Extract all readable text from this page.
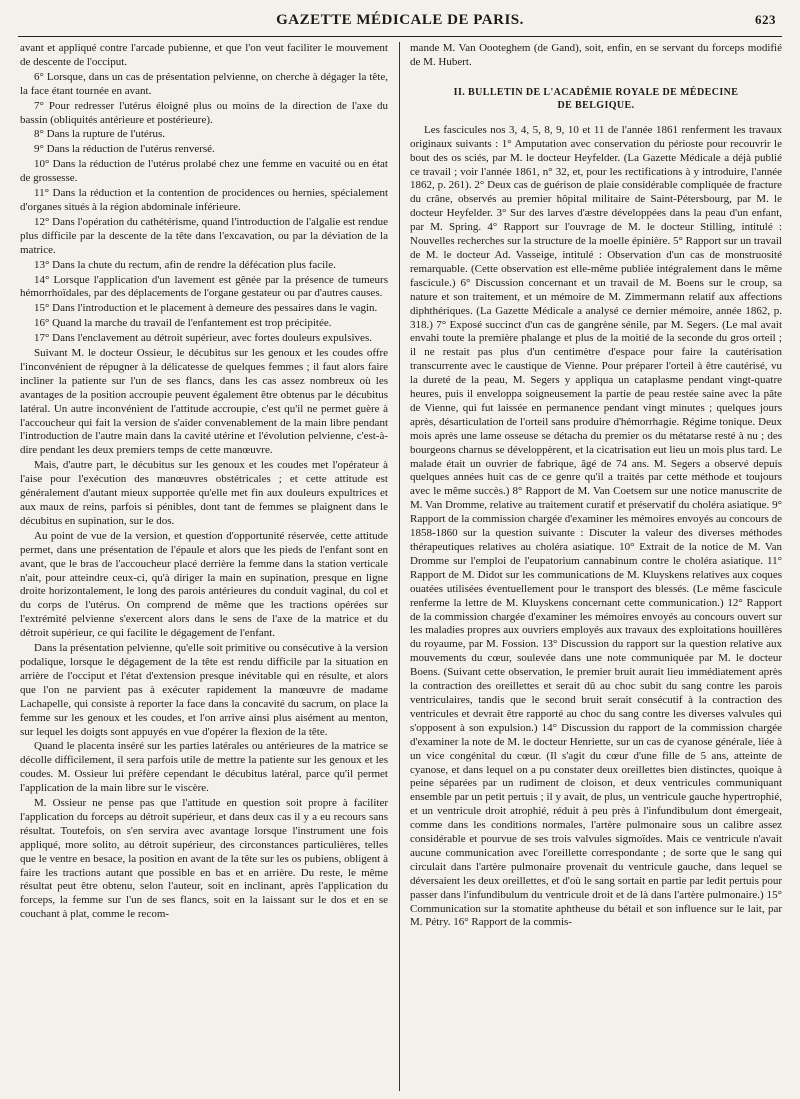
GAZETTE MÉDICALE DE PARIS.	623

avant et appliqué contre l'arcade pubienne, et que l'on veut faciliter le mouvement de descente de l'occiput.

6° Lorsque, dans un cas de présentation pelvienne, on cherche à dégager la tête, la face étant tournée en avant.

7° Pour redresser l'utérus éloigné plus ou moins de la direction de l'axe du bassin (obliquités antérieure et postérieure).

8° Dans la rupture de l'utérus.

9° Dans la réduction de l'utérus renversé.

10° Dans la réduction de l'utérus prolabé chez une femme en vacuité ou en état de grossesse.

11° Dans la réduction et la contention de procidences ou hernies, spécialement d'organes situés à la région abdominale inférieure.

12° Dans l'opération du cathétérisme, quand l'introduction de l'algalie est rendue plus difficile par la descente de la tête dans l'excavation, ou par la déviation de la matrice.

13° Dans la chute du rectum, afin de rendre la défécation plus facile.

14° Lorsque l'application d'un lavement est gênée par la présence de tumeurs hémorrhoïdales, par des déplacements de l'organe gestateur ou par d'autres causes.

15° Dans l'introduction et le placement à demeure des pessaires dans le vagin.

16° Quand la marche du travail de l'enfantement est trop précipitée.

17° Dans l'enclavement au détroit supérieur, avec fortes douleurs expulsives.

Suivant M. le docteur Ossieur, le décubitus sur les genoux et les coudes offre l'inconvénient de répugner à la délicatesse de quelques femmes ; il faut alors faire incliner la patiente sur l'un de ses flancs, dans les cas assez nombreux où les avantages de la position accroupie peuvent également être obtenus par le décubitus latéral. Un autre inconvénient de l'attitude accroupie, c'est qu'il ne permet guère à l'accoucheur qui fait la version de s'aider convenablement de la main libre pendant l'introduction de l'autre main dans la cavité utérine et l'évolution pelvienne, c'est-à-dire pendant les deux premiers temps de cette manœuvre.

Mais, d'autre part, le décubitus sur les genoux et les coudes met l'opérateur à l'aise pour l'exécution des manœuvres obstétricales ; et cette attitude est généralement d'autant mieux supportée qu'elle met fin aux douleurs expultrices et aux maux de reins, parfois si pénibles, dont tant de femmes se plaignent dans le décubitus en supination, sur le dos.

Au point de vue de la version, et question d'opportunité réservée, cette attitude permet, dans une présentation de l'épaule et alors que les pieds de l'enfant sont en avant, que le bras de l'accoucheur placé derrière la femme dans la station verticale n'ait, pour atteindre ceux-ci, qu'à diriger la main en supination, presque en ligne droite horizontalement, le long des parois antérieures du conduit vaginal, du col et du corps de l'utérus. On comprend de même que les tractions opérées sur l'extrémité pelvienne s'exercent alors dans le sens de l'axe de la matrice et du détroit supérieur, ce qui facilite le dégagement de l'enfant.

Dans la présentation pelvienne, qu'elle soit primitive ou consécutive à la version podalique, lorsque le dégagement de la tête est rendu difficile par la situation en arrière de l'occiput et l'état d'extension presque inévitable qui en résulte, et alors que l'on ne parvient pas à exécuter rapidement la manœuvre de madame Lachapelle, qui consiste à reporter la face dans la concavité du sacrum, on place la femme sur les genoux et les coudes, et l'on arrive ainsi plus aisément au menton, sur lequel les doigts sont appuyés en vue d'opérer la flexion de la tête.

Quand le placenta inséré sur les parties latérales ou antérieures de la matrice se décolle difficilement, il sera parfois utile de mettre la patiente sur les genoux et les coudes. M. Ossieur lui préfère cependant le décubitus latéral, parce qu'il permet l'application de la main libre sur le viscère.

M. Ossieur ne pense pas que l'attitude en question soit propre à faciliter l'application du forceps au détroit supérieur, et dans deux cas il y a eu recours sans résultat. Toutefois, on s'en servira avec avantage lorsque l'instrument une fois appliqué, more solito, au détroit supérieur, des circonstances particulières, telles que le ventre en besace, la position en avant de la tête sur les os pubiens, obligent à faire les tractions autant que possible en bas et en arrière. Du reste, le même résultat peut être obtenu, selon l'auteur, soit en inclinant, après l'application du forceps, la femme sur l'un de ses flancs, soit en la laissant sur le dos et en se couchant à plat, comme le recom-

mande M. Van Oooteghem (de Gand), soit, enfin, en se servant du forceps modifié de M. Hubert.

II. BULLETIN DE L'ACADÉMIE ROYALE DE MÉDECINE
DE BELGIQUE.

Les fascicules nos 3, 4, 5, 8, 9, 10 et 11 de l'année 1861 renferment les travaux originaux suivants : 1° Amputation avec conservation du périoste pour recouvrir le bout des os sciés, par M. le docteur Heyfelder. (La Gazette Médicale a déjà publié ce travail ; voir l'année 1861, n° 32, et, pour les rectifications à y introduire, l'année 1862, p. 261). 2° Deux cas de guérison de plaie considérable compliquée de fracture du crâne, observés au premier hôpital militaire de Saint-Pétersbourg, par M. le docteur Heyfelder. 3° Sur des larves d'æstre développées dans la peau d'un enfant, par M. Spring. 4° Rapport sur l'ouvrage de M. le docteur Stilling, intitulé : Nouvelles recherches sur la structure de la moelle épinière. 5° Rapport sur un travail de M. le docteur Ad. Vasseige, intitulé : Observation d'un cas de monstruosité remarquable. (Cette observation est elle-même publiée intégralement dans le même fascicule.) 6° Discussion concernant et un travail de M. Boens sur le croup, sa nature et son traitement, et un mémoire de M. Zimmermann relatif aux affections diphthériques. (La Gazette Médicale a analysé ce dernier mémoire, année 1862, p. 318.) 7° Exposé succinct d'un cas de gangrène sénile, par M. Segers. (Le mal avait envahi toute la première phalange et plus de la moitié de la seconde du gros orteil ; il ne restait pas plus d'un centimètre d'espace pour faire la cautérisation transcurrente avec le caustique de Vienne. Pour préparer l'orteil à être cautérisé, vu la dureté de la peau, M. Segers y appliqua un cataplasme pendant vingt-quatre heures, puis il enveloppa soigneusement la partie de peau restée saine avec la pâte de Vienne, qui fut laissée en permanence pendant vingt minutes ; quelques jours après, désarticulation de l'orteil sans produire d'hémorrhagie. Régime tonique. Deux mois après une lame osseuse se détacha du premier os du métatarse resté à nu ; des bourgeons charnus se développèrent, et la cicatrisation eut lieu un mois plus tard. Le malade était un ouvrier de fabrique, âgé de 74 ans. M. Segers a observé depuis quelques années huit cas de ce genre qu'il a traités par cette méthode et toujours avec le même succès.) 8° Rapport de M. Van Coetsem sur une notice manuscrite de M. Van Dromme, relative au traitement curatif et préservatif du choléra asiatique. 9° Rapport de la commission chargée d'examiner les mémoires envoyés au concours de 1858-1860 sur la question suivante : Discuter la valeur des diverses méthodes thérapeutiques relatives au choléra asiatique. 10° Extrait de la notice de M. Van Dromme sur l'emploi de l'eupatorium cannabinum contre le choléra asiatique. 11° Rapport de M. Didot sur les communications de M. Kluyskens relatives aux coques ouatées utilisées éventuellement pour le transport des blessés. (Le même fascicule renferme la lettre de M. Kluyskens concernant cette communication.) 12° Rapport de la commission chargée d'examiner les mémoires envoyés au concours ouvert sur les maladies propres aux ouvriers employés aux travaux des exploitations houillères du royaume, par M. Fossion. 13° Discussion du rapport sur la question relative aux mouvements du cœur, soulevée dans une note communiquée par M. le docteur Boens. (Suivant cette observation, le premier bruit aurait lieu immédiatement après la contraction des oreillettes et serait dû au choc subit du sang contre les parois ventriculaires, tandis que le second bruit serait consécutif à la contraction des ventricules et devrait être rapporté au choc du sang contre les diverses valvules qui s'opposent à son expulsion.) 14° Discussion du rapport de la commission chargée d'examiner la note de M. le docteur Henriette, sur un cas de cyanose générale, liée à un vice congénital du cœur. (Il s'agit du cœur d'une fille de 5 ans, atteinte de cyanose, et dans lequel on a pu constater deux oreillettes bien distinctes, quoique à peine séparées par un rudiment de cloison, et deux ventricules communiquant ensemble par un petit pertuis ; il y avait, de plus, un ventricule gauche hypertrophié, et un ventricule droit atrophié, réduit à peu près à l'infundibulum dont émergeait, comme dans les conditions normales, l'artère pulmonaire sous un calibre assez considérable et pourvue de ses trois valvules sigmoïdes. Mais ce ventricule n'avait aucune communication avec l'oreillette correspondante ; de sorte que le sang qui circulait dans l'artère pulmonaire provenait du ventricule gauche, dans lequel se déversaient les deux oreillettes, et d'où le sang sortait en partie par ledit pertuis pour passer dans l'infundibulum du ventricule droit et de là dans l'artère pulmonaire.) 15° Communication sur la stomatite aphtheuse du bétail et son influence sur le lait, par M. Pétry. 16° Rapport de la commis-
